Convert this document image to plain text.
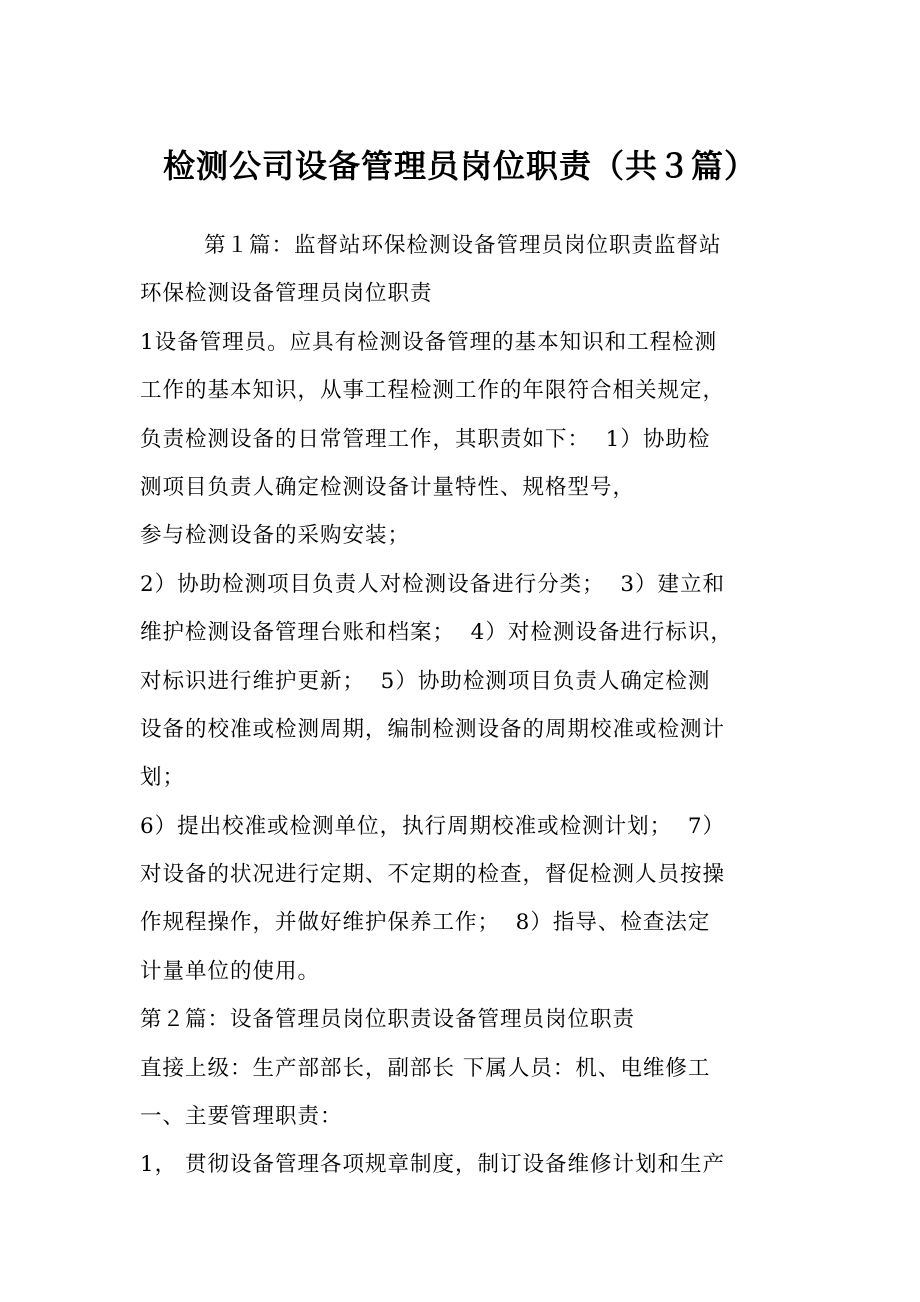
检测公司设备管理员岗位职责（共３篇）

第１篇：监督站环保检测设备管理员岗位职责监督站

环保检测设备管理员岗位职责

1设备管理员。应具有检测设备管理的基本知识和工程检测

工作的基本知识，从事工程检测工作的年限符合相关规定，

负责检测设备的日常管理工作，其职责如下：  1）协助检

测项目负责人确定检测设备计量特性、规格型号，

参与检测设备的采购安装；

2）协助检测项目负责人对检测设备进行分类；  3）建立和

维护检测设备管理台账和档案；  4）对检测设备进行标识，

对标识进行维护更新；  5）协助检测项目负责人确定检测

设备的校准或检测周期，编制检测设备的周期校准或检测计

划；

6）提出校准或检测单位，执行周期校准或检测计划；  7）

对设备的状况进行定期、不定期的检查，督促检测人员按操

作规程操作，并做好维护保养工作；  8）指导、检查法定

计量单位的使用。

第２篇：设备管理员岗位职责设备管理员岗位职责

直接上级：生产部部长，副部长 下属人员：机、电维修工

一、主要管理职责：

1， 贯彻设备管理各项规章制度，制订设备维修计划和生产
